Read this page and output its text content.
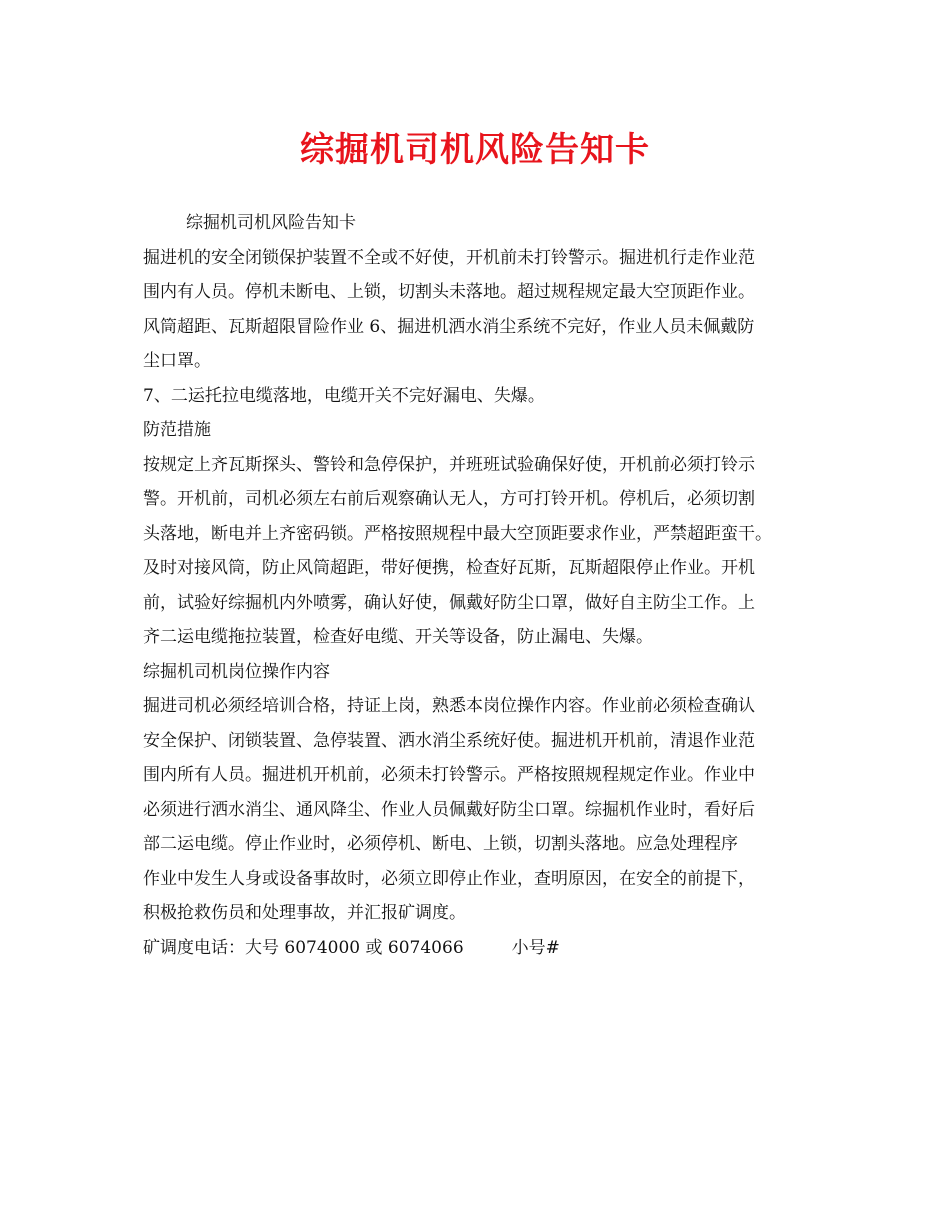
综掘机司机风险告知卡
综掘机司机风险告知卡
掘进机的安全闭锁保护装置不全或不好使，开机前未打铃警示。掘进机行走作业范
围内有人员。停机未断电、上锁，切割头未落地。超过规程规定最大空顶距作业。
风筒超距、瓦斯超限冒险作业 6、掘进机洒水消尘系统不完好，作业人员未佩戴防
尘口罩。
7、二运托拉电缆落地，电缆开关不完好漏电、失爆。
防范措施
按规定上齐瓦斯探头、警铃和急停保护，并班班试验确保好使，开机前必须打铃示
警。开机前，司机必须左右前后观察确认无人，方可打铃开机。停机后，必须切割
头落地，断电并上齐密码锁。严格按照规程中最大空顶距要求作业，严禁超距蛮干。
及时对接风筒，防止风筒超距，带好便携，检查好瓦斯，瓦斯超限停止作业。开机
前，试验好综掘机内外喷雾，确认好使，佩戴好防尘口罩，做好自主防尘工作。上
齐二运电缆拖拉装置，检查好电缆、开关等设备，防止漏电、失爆。
综掘机司机岗位操作内容
掘进司机必须经培训合格，持证上岗，熟悉本岗位操作内容。作业前必须检查确认
安全保护、闭锁装置、急停装置、洒水消尘系统好使。掘进机开机前，清退作业范
围内所有人员。掘进机开机前，必须未打铃警示。严格按照规程规定作业。作业中
必须进行洒水消尘、通风降尘、作业人员佩戴好防尘口罩。综掘机作业时，看好后
部二运电缆。停止作业时，必须停机、断电、上锁，切割头落地。应急处理程序
作业中发生人身或设备事故时，必须立即停止作业，查明原因，在安全的前提下，
积极抢救伤员和处理事故，并汇报矿调度。
矿调度电话：大号 6074000 或 6074066	小号#
